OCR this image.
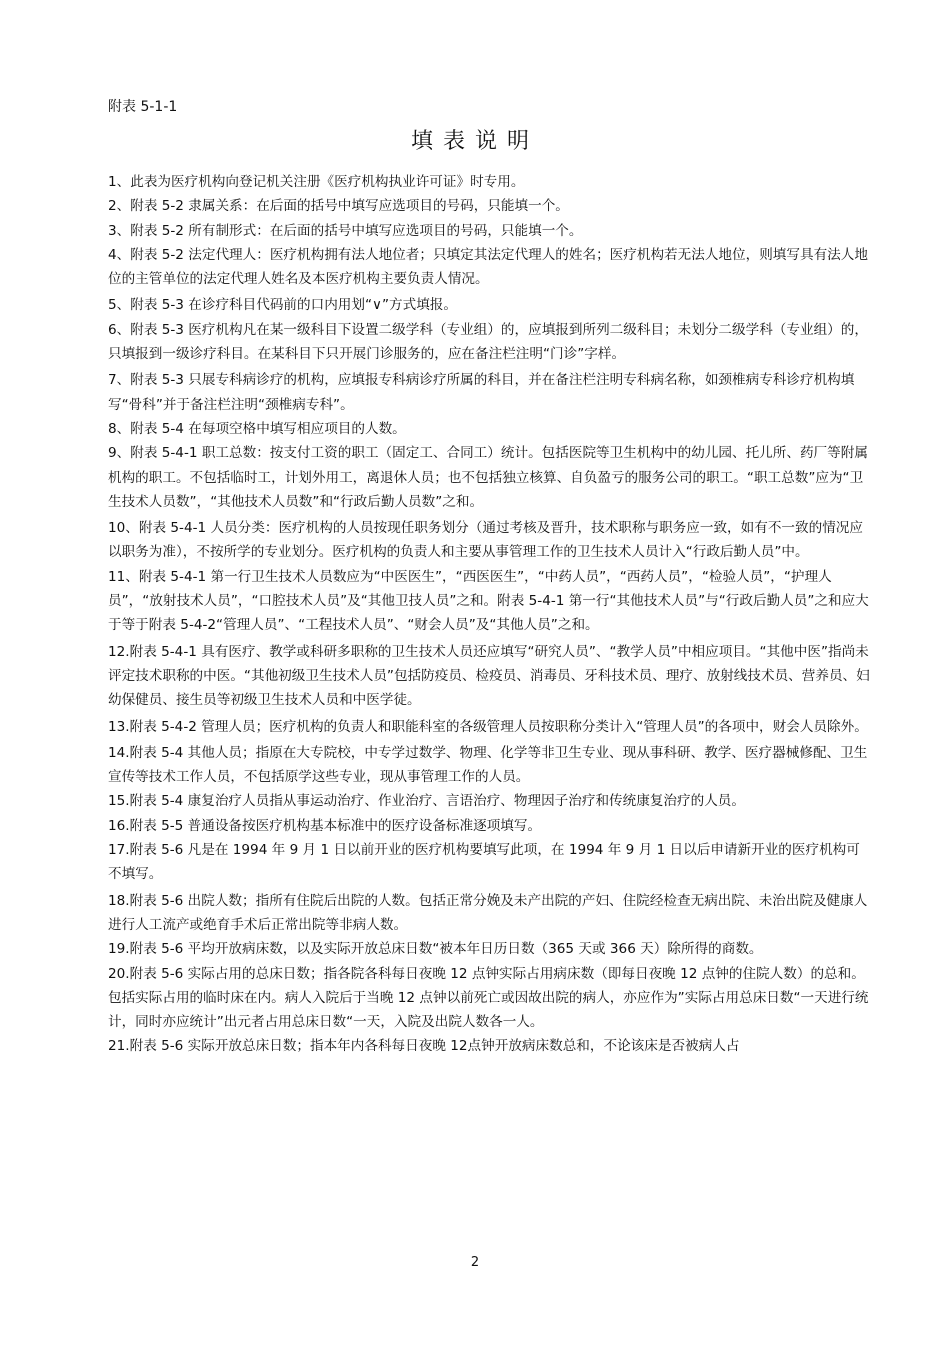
附表 5-1-1
填表说明

1、此表为医疗机构向登记机关注册《医疗机构执业许可证》时专用。

2、附表 5-2 隶属关系：在后面的括号中填写应选项目的号码，只能填一个。

3、附表 5-2 所有制形式：在后面的括号中填写应选项目的号码，只能填一个。

4、附表 5-2 法定代理人：医疗机构拥有法人地位者；只填定其法定代理人的姓名；医疗机构若无法人地位，则填写具有法人地位的主管单位的法定代理人姓名及本医疗机构主要负责人情况。

5、附表 5-3 在诊疗科目代码前的口内用划“∨”方式填报。

6、附表 5-3 医疗机构凡在某一级科目下设置二级学科（专业组）的，应填报到所列二级科目；未划分二级学科（专业组）的，只填报到一级诊疗科目。在某科目下只开展门诊服务的，应在备注栏注明“门诊”字样。

7、附表 5-3 只展专科病诊疗的机构，应填报专科病诊疗所属的科目，并在备注栏注明专科病名称，如颈椎病专科诊疗机构填写“骨科”并于备注栏注明“颈椎病专科”。

8、附表 5-4 在每项空格中填写相应项目的人数。

9、附表 5-4-1 职工总数：按支付工资的职工（固定工、合同工）统计。包括医院等卫生机构中的幼儿园、托儿所、药厂等附属机构的职工。不包括临时工，计划外用工，离退休人员；也不包括独立核算、自负盈亏的服务公司的职工。“职工总数”应为“卫生技术人员数”，“其他技术人员数”和“行政后勤人员数”之和。

10、附表 5-4-1 人员分类：医疗机构的人员按现任职务划分（通过考核及晋升，技术职称与职务应一致，如有不一致的情况应以职务为准），不按所学的专业划分。医疗机构的负责人和主要从事管理工作的卫生技术人员计入“行政后勤人员”中。

11、附表 5-4-1 第一行卫生技术人员数应为“中医医生”，“西医医生”，“中药人员”，“西药人员”，“检验人员”，“护理人员”，“放射技术人员”，“口腔技术人员”及“其他卫技人员”之和。附表 5-4-1 第一行“其他技术人员”与“行政后勤人员”之和应大于等于附表 5-4-2“管理人员”、“工程技术人员”、“财会人员”及“其他人员”之和。

12.附表 5-4-1 具有医疗、教学或科研多职称的卫生技术人员还应填写“研究人员”、“教学人员”中相应项目。“其他中医”指尚未评定技术职称的中医。“其他初级卫生技术人员”包括防疫员、检疫员、消毒员、牙科技术员、理疗、放射线技术员、营养员、妇幼保健员、接生员等初级卫生技术人员和中医学徒。

13.附表 5-4-2 管理人员；医疗机构的负责人和职能科室的各级管理人员按职称分类计入“管理人员”的各项中，财会人员除外。

14.附表 5-4 其他人员；指原在大专院校，中专学过数学、物理、化学等非卫生专业、现从事科研、教学、医疗器械修配、卫生宣传等技术工作人员，不包括原学这些专业，现从事管理工作的人员。

15.附表 5-4 康复治疗人员指从事运动治疗、作业治疗、言语治疗、物理因子治疗和传统康复治疗的人员。

16.附表 5-5 普通设备按医疗机构基本标准中的医疗设备标准逐项填写。

17.附表 5-6 凡是在 1994 年 9 月 1 日以前开业的医疗机构要填写此项，在 1994 年 9 月 1 日以后申请新开业的医疗机构可不填写。

18.附表 5-6 出院人数；指所有住院后出院的人数。包括正常分娩及未产出院的产妇、住院经检查无病出院、未治出院及健康人进行人工流产或绝育手术后正常出院等非病人数。

19.附表 5-6 平均开放病床数，以及实际开放总床日数“被本年日历日数（365 天或 366 天）除所得的商数。

20.附表 5-6 实际占用的总床日数；指各院各科每日夜晚 12 点钟实际占用病床数（即每日夜晚 12 点钟的住院人数）的总和。包括实际占用的临时床在内。病人入院后于当晚 12 点钟以前死亡或因故出院的病人，亦应作为”实际占用总床日数“一天进行统计，同时亦应统计”出元者占用总床日数“一天，入院及出院人数各一人。

21.附表 5-6 实际开放总床日数；指本年内各科每日夜晚 12点钟开放病床数总和，不论该床是否被病人占

2
